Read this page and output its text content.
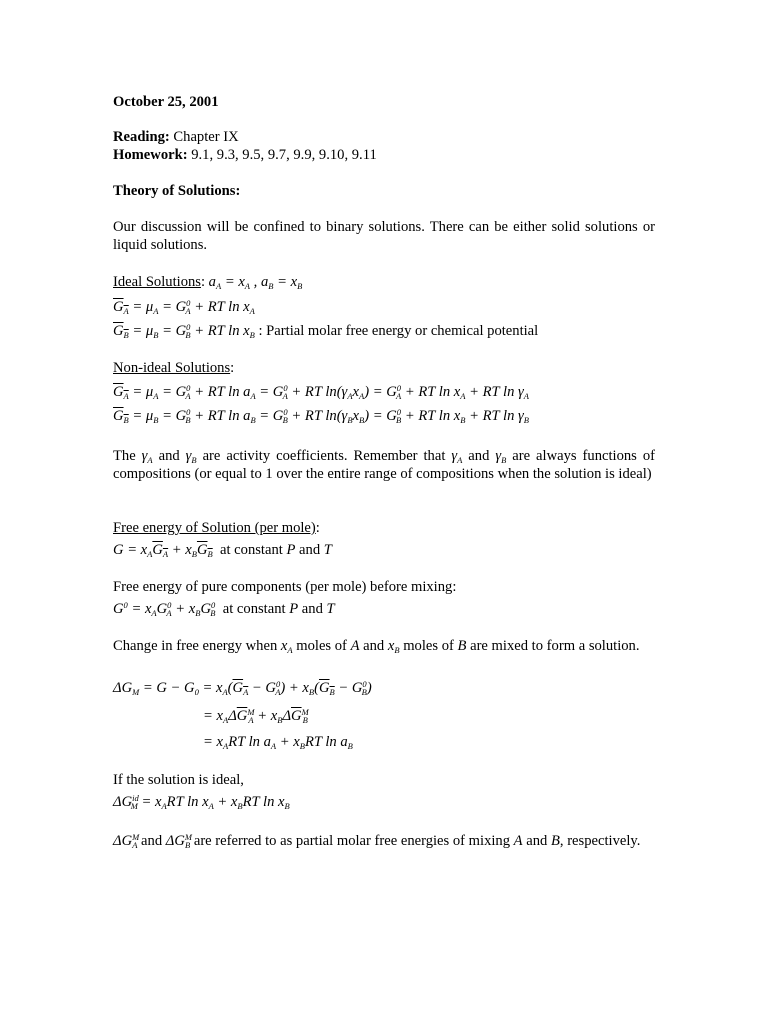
October 25, 2001
Reading: Chapter IX
Homework: 9.1, 9.3, 9.5, 9.7, 9.9, 9.10, 9.11
Theory of Solutions:
Our discussion will be confined to binary solutions. There can be either solid solutions or liquid solutions.
Ideal Solutions: $a_A = x_A$ , $a_B = x_B$
$G_A = \mu_A = G^0_A$ + RT $\ln x_A$
$G_B = \mu_B = G^0_B$ + RT $\ln x_B$ : Partial molar free energy or chemical potential
Non-ideal Solutions:
$G_A = \mu_A = G^0_A$ + RT $\ln a_A = G^0_A$ + RT $\ln(\gamma_Ax_A) = G^0_A$ + RT $\ln x_A$ + RT $\ln \gamma_A$
$G_B = \mu_B = G^0_B$ + RT $\ln a_B = G^0_B$ + RT $\ln(\gamma_Bx_B) = G^0_B$ + RT $\ln x_B$ + RT $\ln \gamma_B$
The $\gamma_A$ and $\gamma_B$ are activity coefficients. Remember that $\gamma_A$ and $\gamma_B$ are always functions of compositions (or equal to 1 over the entire range of compositions when the solution is ideal)
Free energy of Solution (per mole):
$G = x_AG_A + x_BG_B$ at constant P and T
Free energy of pure components (per mole) before mixing:
$G^0 = x_AG^0_A + x_BG^0_B$ at constant P and T
Change in free energy when $x_A$ moles of A and $x_B$ moles of B are mixed to form a solution.
$\Delta G_M = G - G_0 = x_A(G_A - G^0_A) + x_B(G_B - G^0_B)$
= $x_A\Delta\overline{G}^M_A + x_B\Delta\overline{G}^M_B$
= $x_ART$ $\ln a_A + x_BRT$ $\ln a_B$
If the solution is ideal,
$\Delta G^{id}_M = x_ART$ $\ln x_A + x_BRT$ $\ln x_B$
$\Delta G^M_A$ and $\Delta G^M_B$ are referred to as partial molar free energies of mixing A and B, respectively.
